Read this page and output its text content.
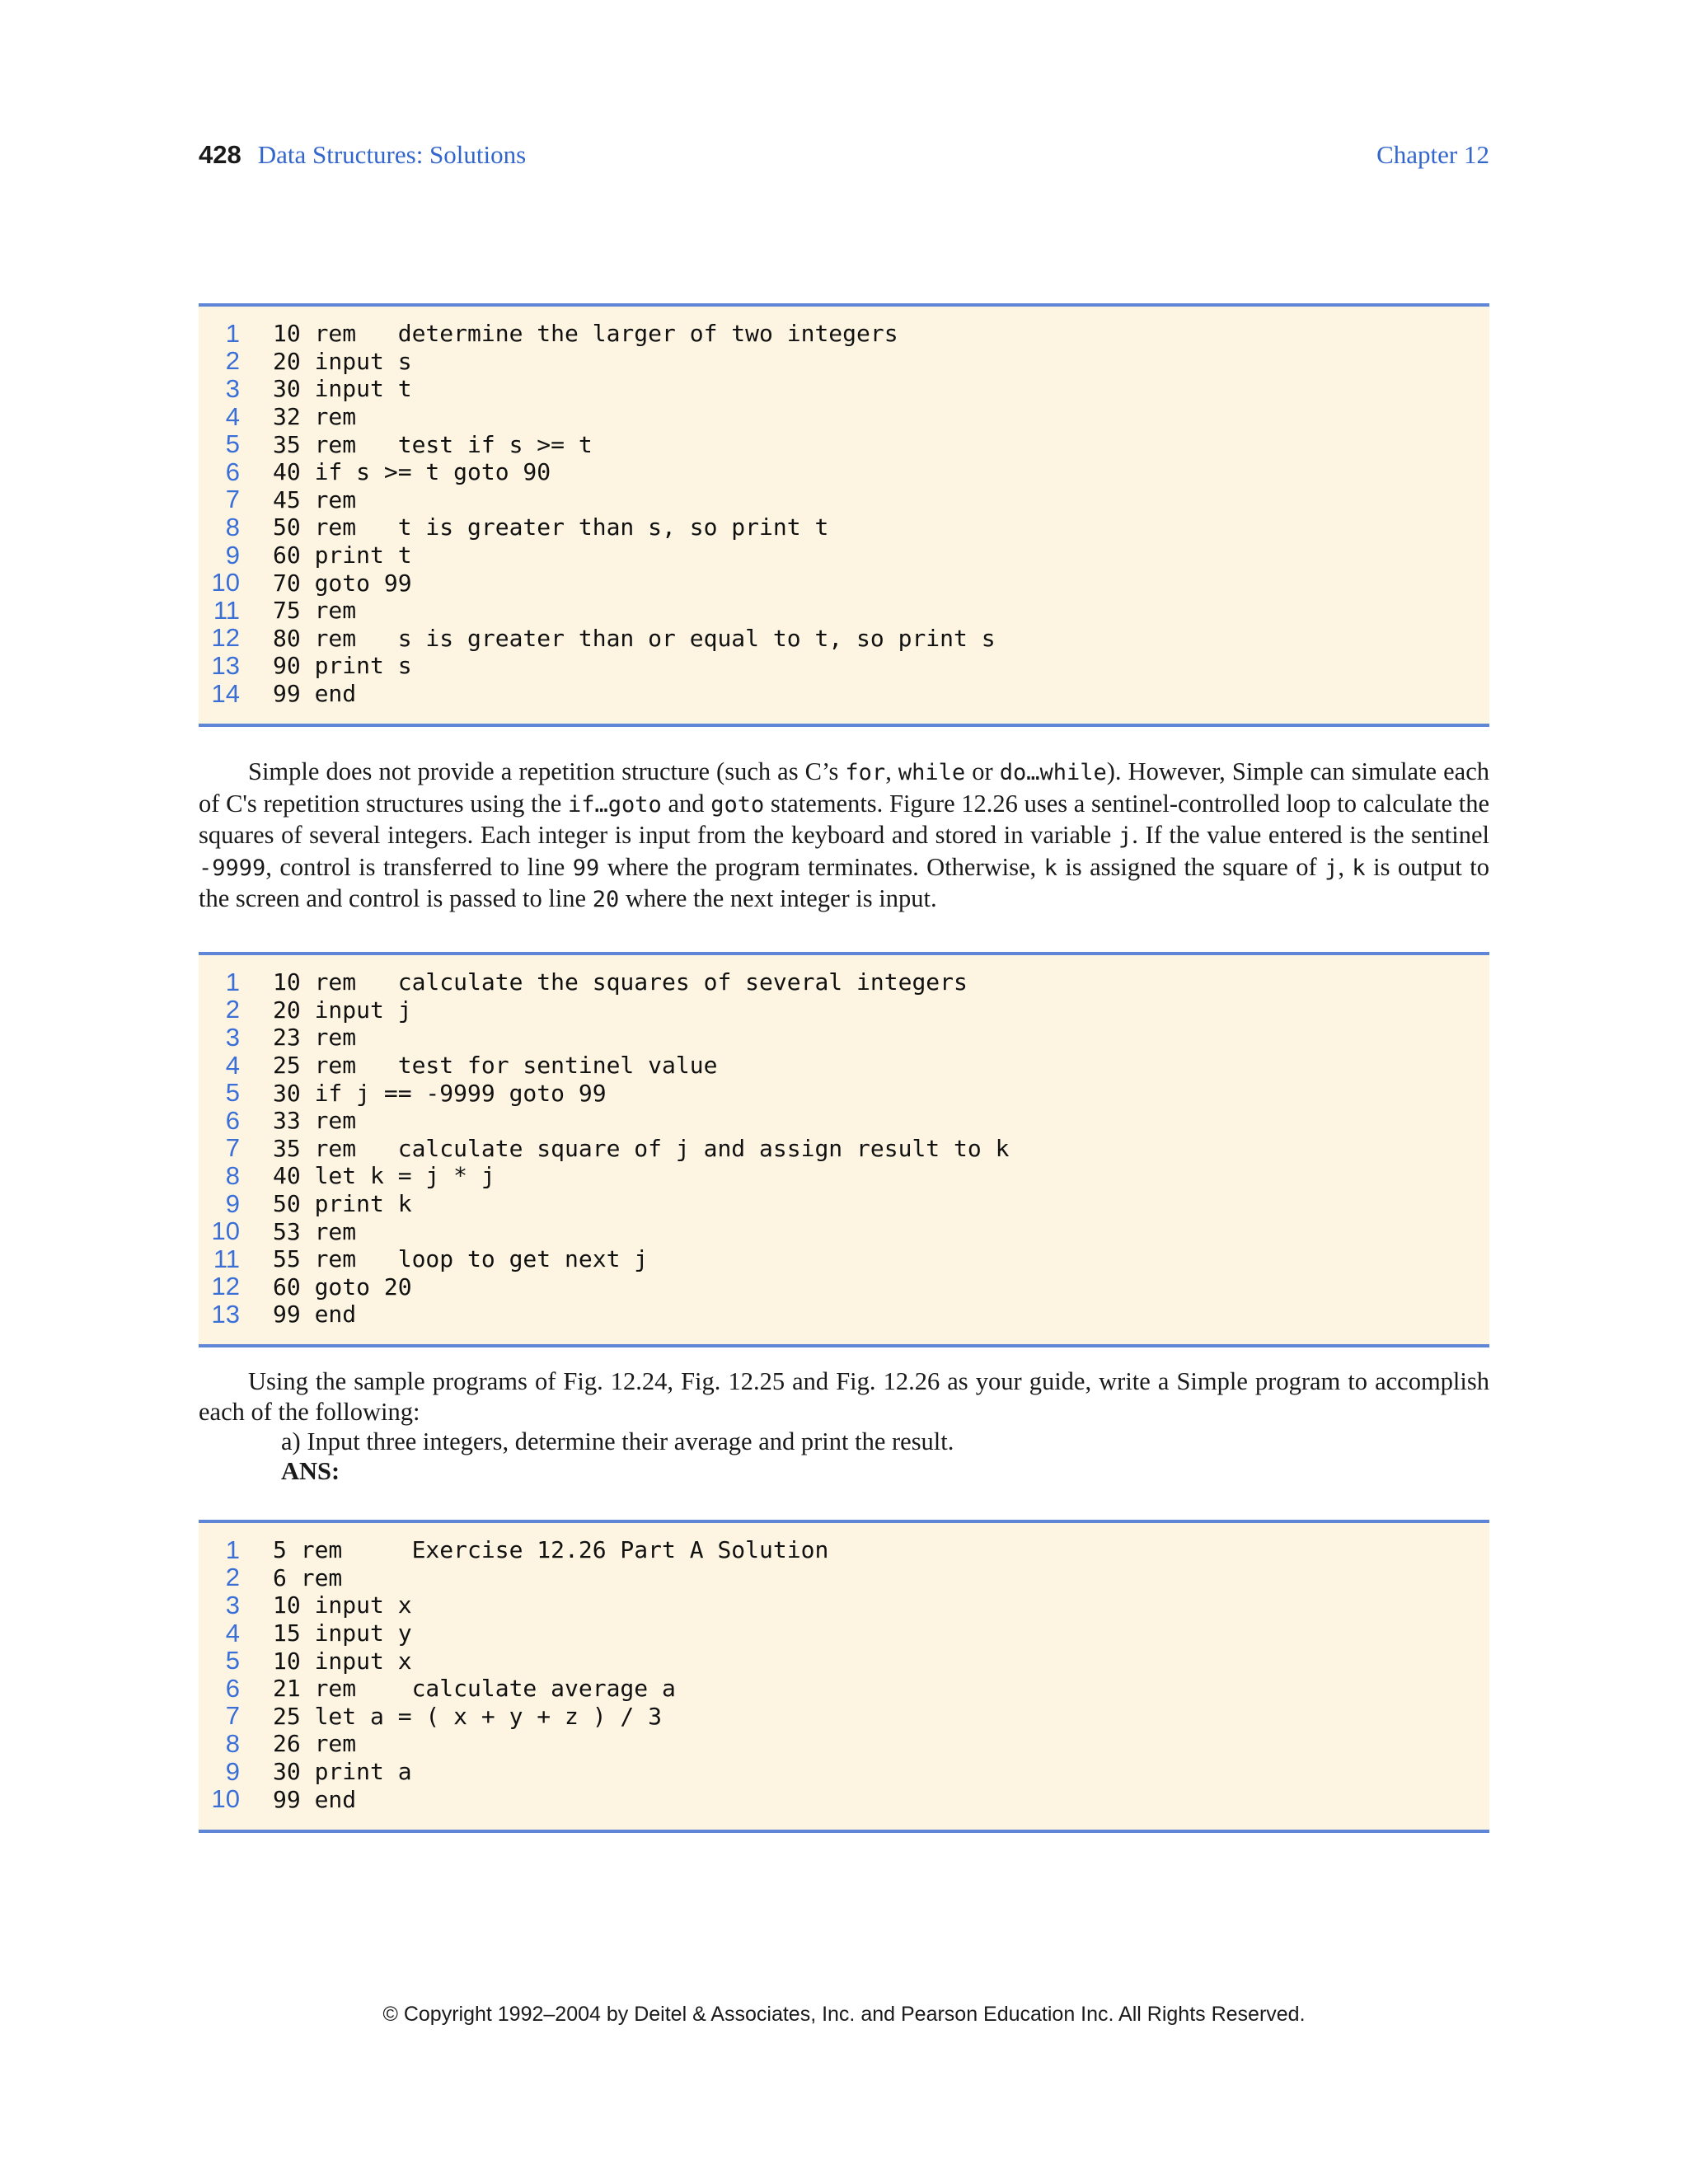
428 Data Structures: Solutions	Chapter 12
1 10 rem   determine the larger of two integers
2 20 input s
3 30 input t
4 32 rem
5 35 rem   test if s >= t
6 40 if s >= t goto 90
7 45 rem
8 50 rem   t is greater than s, so print t
9 60 print t
10 70 goto 99
11 75 rem
12 80 rem   s is greater than or equal to t, so print s
13 90 print s
14 99 end

Simple does not provide a repetition structure (such as C’s for, while or do…while). However, Simple can simulate each of C's repetition structures using the if…goto and goto statements. Figure 12.26 uses a sentinel-controlled loop to calculate the squares of several integers. Each integer is input from the keyboard and stored in variable j. If the value entered is the sentinel -9999, control is transferred to line 99 where the program terminates. Otherwise, k is assigned the square of j, k is output to the screen and control is passed to line 20 where the next integer is input.

1 10 rem   calculate the squares of several integers
2 20 input j
3 23 rem
4 25 rem   test for sentinel value
5 30 if j == -9999 goto 99
6 33 rem
7 35 rem   calculate square of j and assign result to k
8 40 let k = j * j
9 50 print k
10 53 rem
11 55 rem   loop to get next j
12 60 goto 20
13 99 end

Using the sample programs of Fig. 12.24, Fig. 12.25 and Fig. 12.26 as your guide, write a Simple program to accomplish each of the following:

a) Input three integers, determine their average and print the result.
ANS:
1 5 rem     Exercise 12.26 Part A Solution
2 6 rem
3 10 input x
4 15 input y
5 10 input x
6 21 rem    calculate average a
7 25 let a = ( x + y + z ) / 3
8 26 rem
9 30 print a
10 99 end
© Copyright 1992–2004 by Deitel & Associates, Inc. and Pearson Education Inc. All Rights Reserved.
